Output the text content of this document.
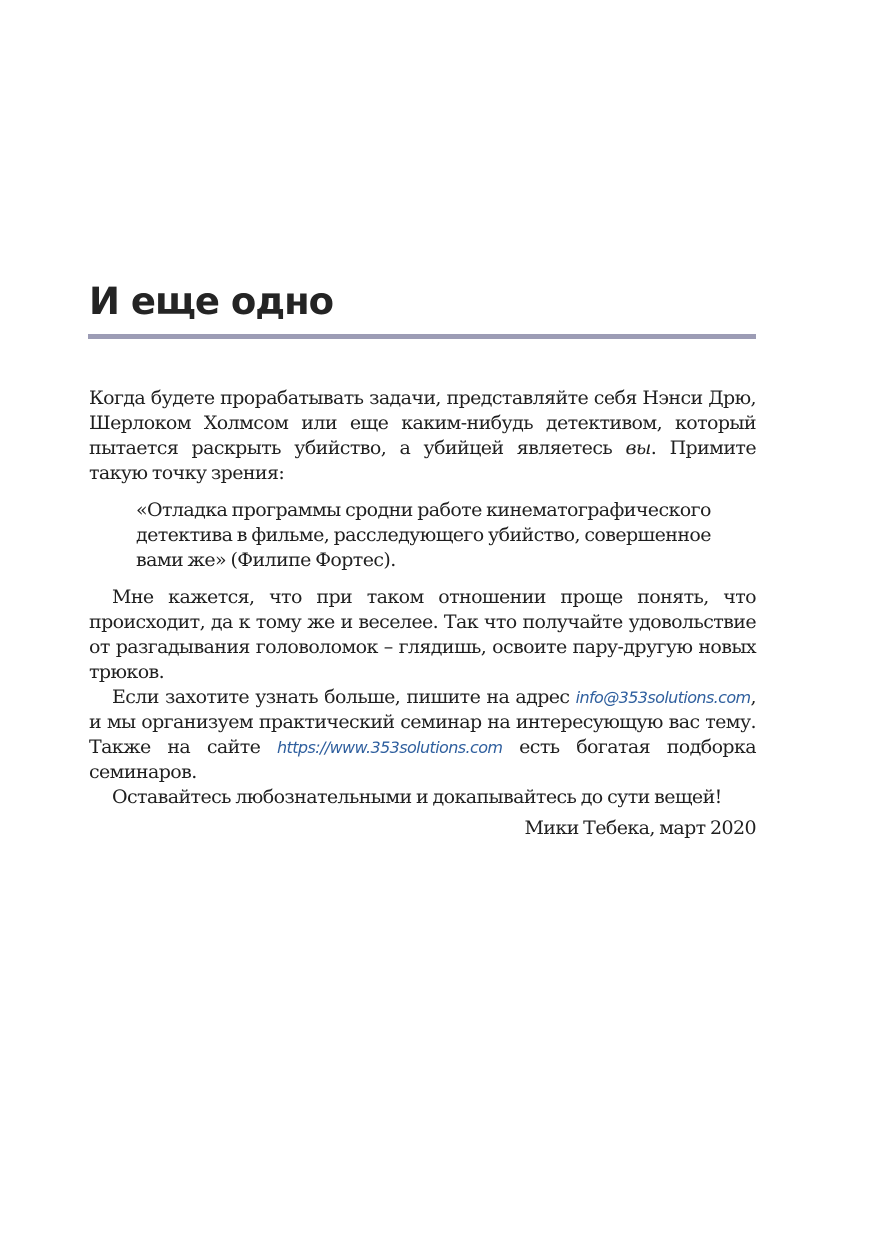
И еще одно

Когда будете прорабатывать задачи, представляйте себя Нэнси Дрю, Шерлоком Холмсом или еще каким-нибудь детективом, который пытается раскрыть убийство, а убийцей являетесь вы. Примите такую точку зрения:

«Отладка программы сродни работе кинематографического детектива в фильме, расследующего убийство, совершенное вами же» (Филипе Фортес).

Мне кажется, что при таком отношении проще понять, что происходит, да к тому же и веселее. Так что получайте удовольствие от разгадывания головоломок – глядишь, освоите пару-другую новых трюков.

Если захотите узнать больше, пишите на адрес info@353solutions.com, и мы организуем практический семинар на интересующую вас тему. Также на сайте https://www.353solutions.com есть богатая подборка семинаров.

Оставайтесь любознательными и докапывайтесь до сути вещей!

Мики Тебека, март 2020
